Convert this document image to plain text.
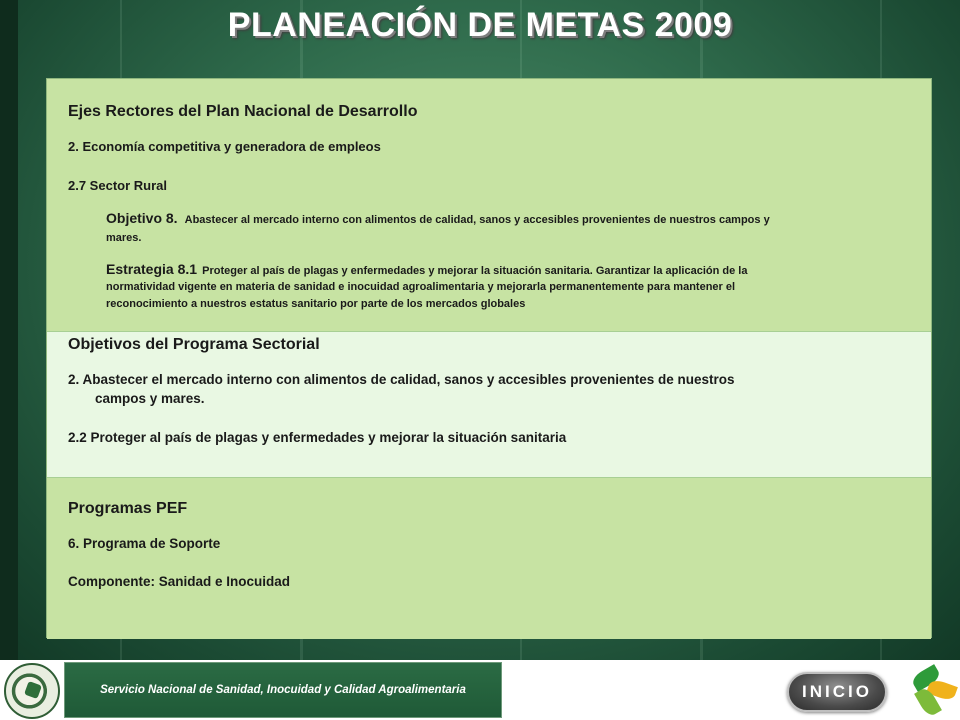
PLANEACIÓN DE METAS 2009
Ejes Rectores del Plan Nacional de Desarrollo
2. Economía competitiva y generadora de empleos
2.7 Sector Rural
Objetivo 8. Abastecer al mercado interno con alimentos de calidad, sanos y accesibles provenientes de nuestros campos y
mares.
Estrategia 8.1 Proteger al país de plagas y enfermedades y mejorar la situación sanitaria. Garantizar la aplicación de la
normatividad vigente en materia de sanidad e inocuidad agroalimentaria y mejorarla permanentemente para mantener el
reconocimiento a nuestros estatus sanitario por parte de los mercados globales
Objetivos del Programa Sectorial
2. Abastecer el mercado interno con alimentos de calidad, sanos y accesibles provenientes de nuestros
campos y mares.
2.2 Proteger al país de plagas y enfermedades y mejorar la situación sanitaria
Programas PEF
6. Programa de Soporte
Componente: Sanidad e Inocuidad
Servicio Nacional de Sanidad, Inocuidad y Calidad Agroalimentaria	INICIO
